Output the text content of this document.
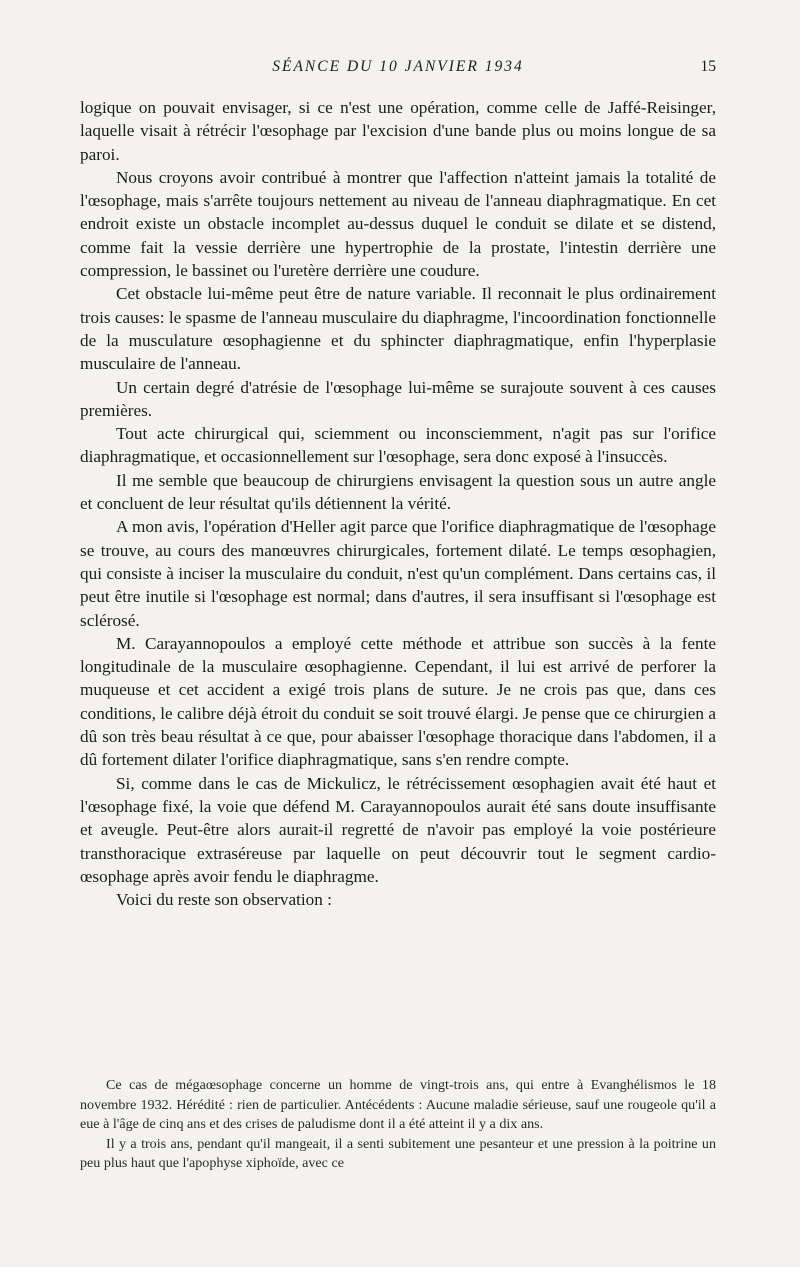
SÉANCE DU 10 JANVIER 1934	15

logique on pouvait envisager, si ce n'est une opération, comme celle de Jaffé-Reisinger, laquelle visait à rétrécir l'œsophage par l'excision d'une bande plus ou moins longue de sa paroi.

Nous croyons avoir contribué à montrer que l'affection n'atteint jamais la totalité de l'œsophage, mais s'arrête toujours nettement au niveau de l'anneau diaphragmatique. En cet endroit existe un obstacle incomplet au-dessus duquel le conduit se dilate et se distend, comme fait la vessie derrière une hypertrophie de la prostate, l'intestin derrière une compression, le bassinet ou l'uretère derrière une coudure.

Cet obstacle lui-même peut être de nature variable. Il reconnait le plus ordinairement trois causes: le spasme de l'anneau musculaire du diaphragme, l'incoordination fonctionnelle de la musculature œsophagienne et du sphincter diaphragmatique, enfin l'hyperplasie musculaire de l'anneau.

Un certain degré d'atrésie de l'œsophage lui-même se surajoute souvent à ces causes premières.

Tout acte chirurgical qui, sciemment ou inconsciemment, n'agit pas sur l'orifice diaphragmatique, et occasionnellement sur l'œsophage, sera donc exposé à l'insuccès.

Il me semble que beaucoup de chirurgiens envisagent la question sous un autre angle et concluent de leur résultat qu'ils détiennent la vérité.

A mon avis, l'opération d'Heller agit parce que l'orifice diaphragmatique de l'œsophage se trouve, au cours des manœuvres chirurgicales, fortement dilaté. Le temps œsophagien, qui consiste à inciser la musculaire du conduit, n'est qu'un complément. Dans certains cas, il peut être inutile si l'œsophage est normal; dans d'autres, il sera insuffisant si l'œsophage est sclérosé.

M. Carayannopoulos a employé cette méthode et attribue son succès à la fente longitudinale de la musculaire œsophagienne. Cependant, il lui est arrivé de perforer la muqueuse et cet accident a exigé trois plans de suture. Je ne crois pas que, dans ces conditions, le calibre déjà étroit du conduit se soit trouvé élargi. Je pense que ce chirurgien a dû son très beau résultat à ce que, pour abaisser l'œsophage thoracique dans l'abdomen, il a dû fortement dilater l'orifice diaphragmatique, sans s'en rendre compte.

Si, comme dans le cas de Mickulicz, le rétrécissement œsophagien avait été haut et l'œsophage fixé, la voie que défend M. Carayannopoulos aurait été sans doute insuffisante et aveugle. Peut-être alors aurait-il regretté de n'avoir pas employé la voie postérieure transthoracique extraséreuse par laquelle on peut découvrir tout le segment cardio-œsophage après avoir fendu le diaphragme.

Voici du reste son observation :

Ce cas de mégaœsophage concerne un homme de vingt-trois ans, qui entre à Evanghélismos le 18 novembre 1932. Hérédité : rien de particulier. Antécédents : Aucune maladie sérieuse, sauf une rougeole qu'il a eue à l'âge de cinq ans et des crises de paludisme dont il a été atteint il y a dix ans.

Il y a trois ans, pendant qu'il mangeait, il a senti subitement une pesanteur et une pression à la poitrine un peu plus haut que l'apophyse xiphoïde, avec ce
